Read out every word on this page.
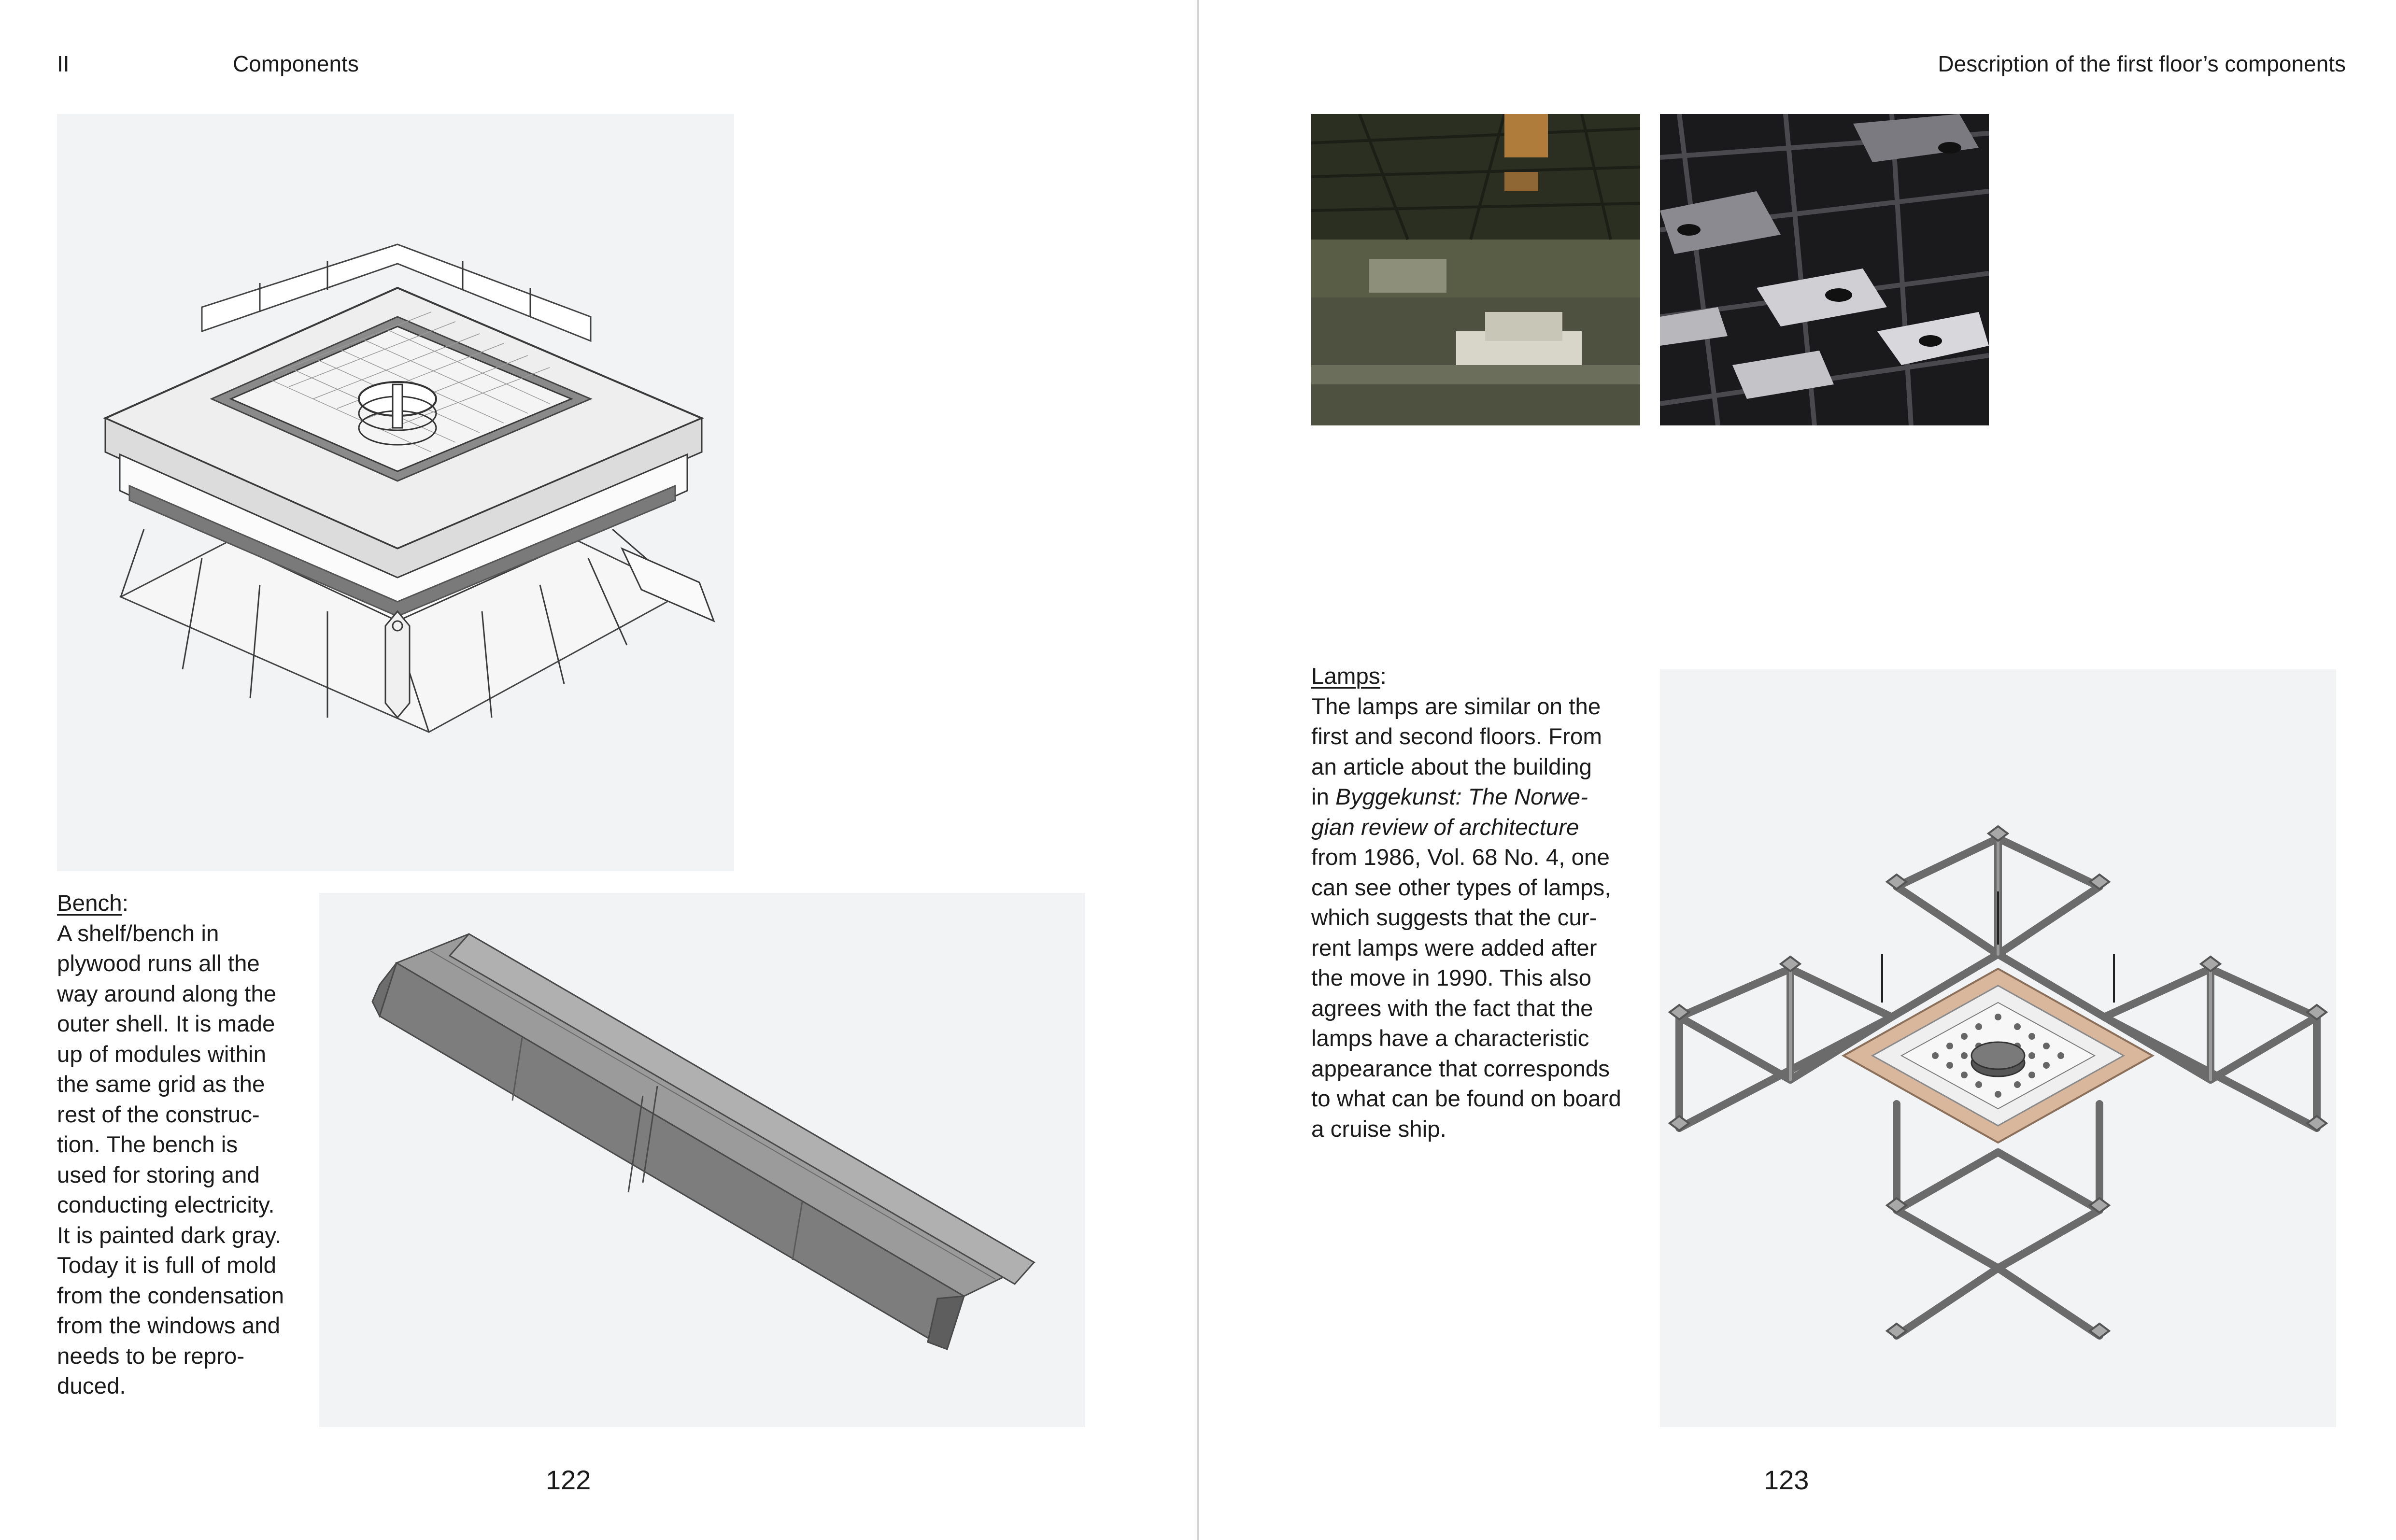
II	Components

Bench:
A shelf/bench in
plywood runs all the
way around along the
outer shell. It is made
up of modules within
the same grid as the
rest of the construc-
tion. The bench is
used for storing and
conducting electricity.
It is painted dark gray.
Today it is full of mold
from the condensation
from the windows and
needs to be repro-
duced.

122
Description of the first floor’s components

Lamps:
The lamps are similar on the
first and second floors. From
an article about the building
in Byggekunst: The Norwe-
gian review of architecture
from 1986, Vol. 68 No. 4, one
can see other types of lamps,
which suggests that the cur-
rent lamps were added after
the move in 1990. This also
agrees with the fact that the
lamps have a characteristic
appearance that corresponds
to what can be found on board
a cruise ship.

123
